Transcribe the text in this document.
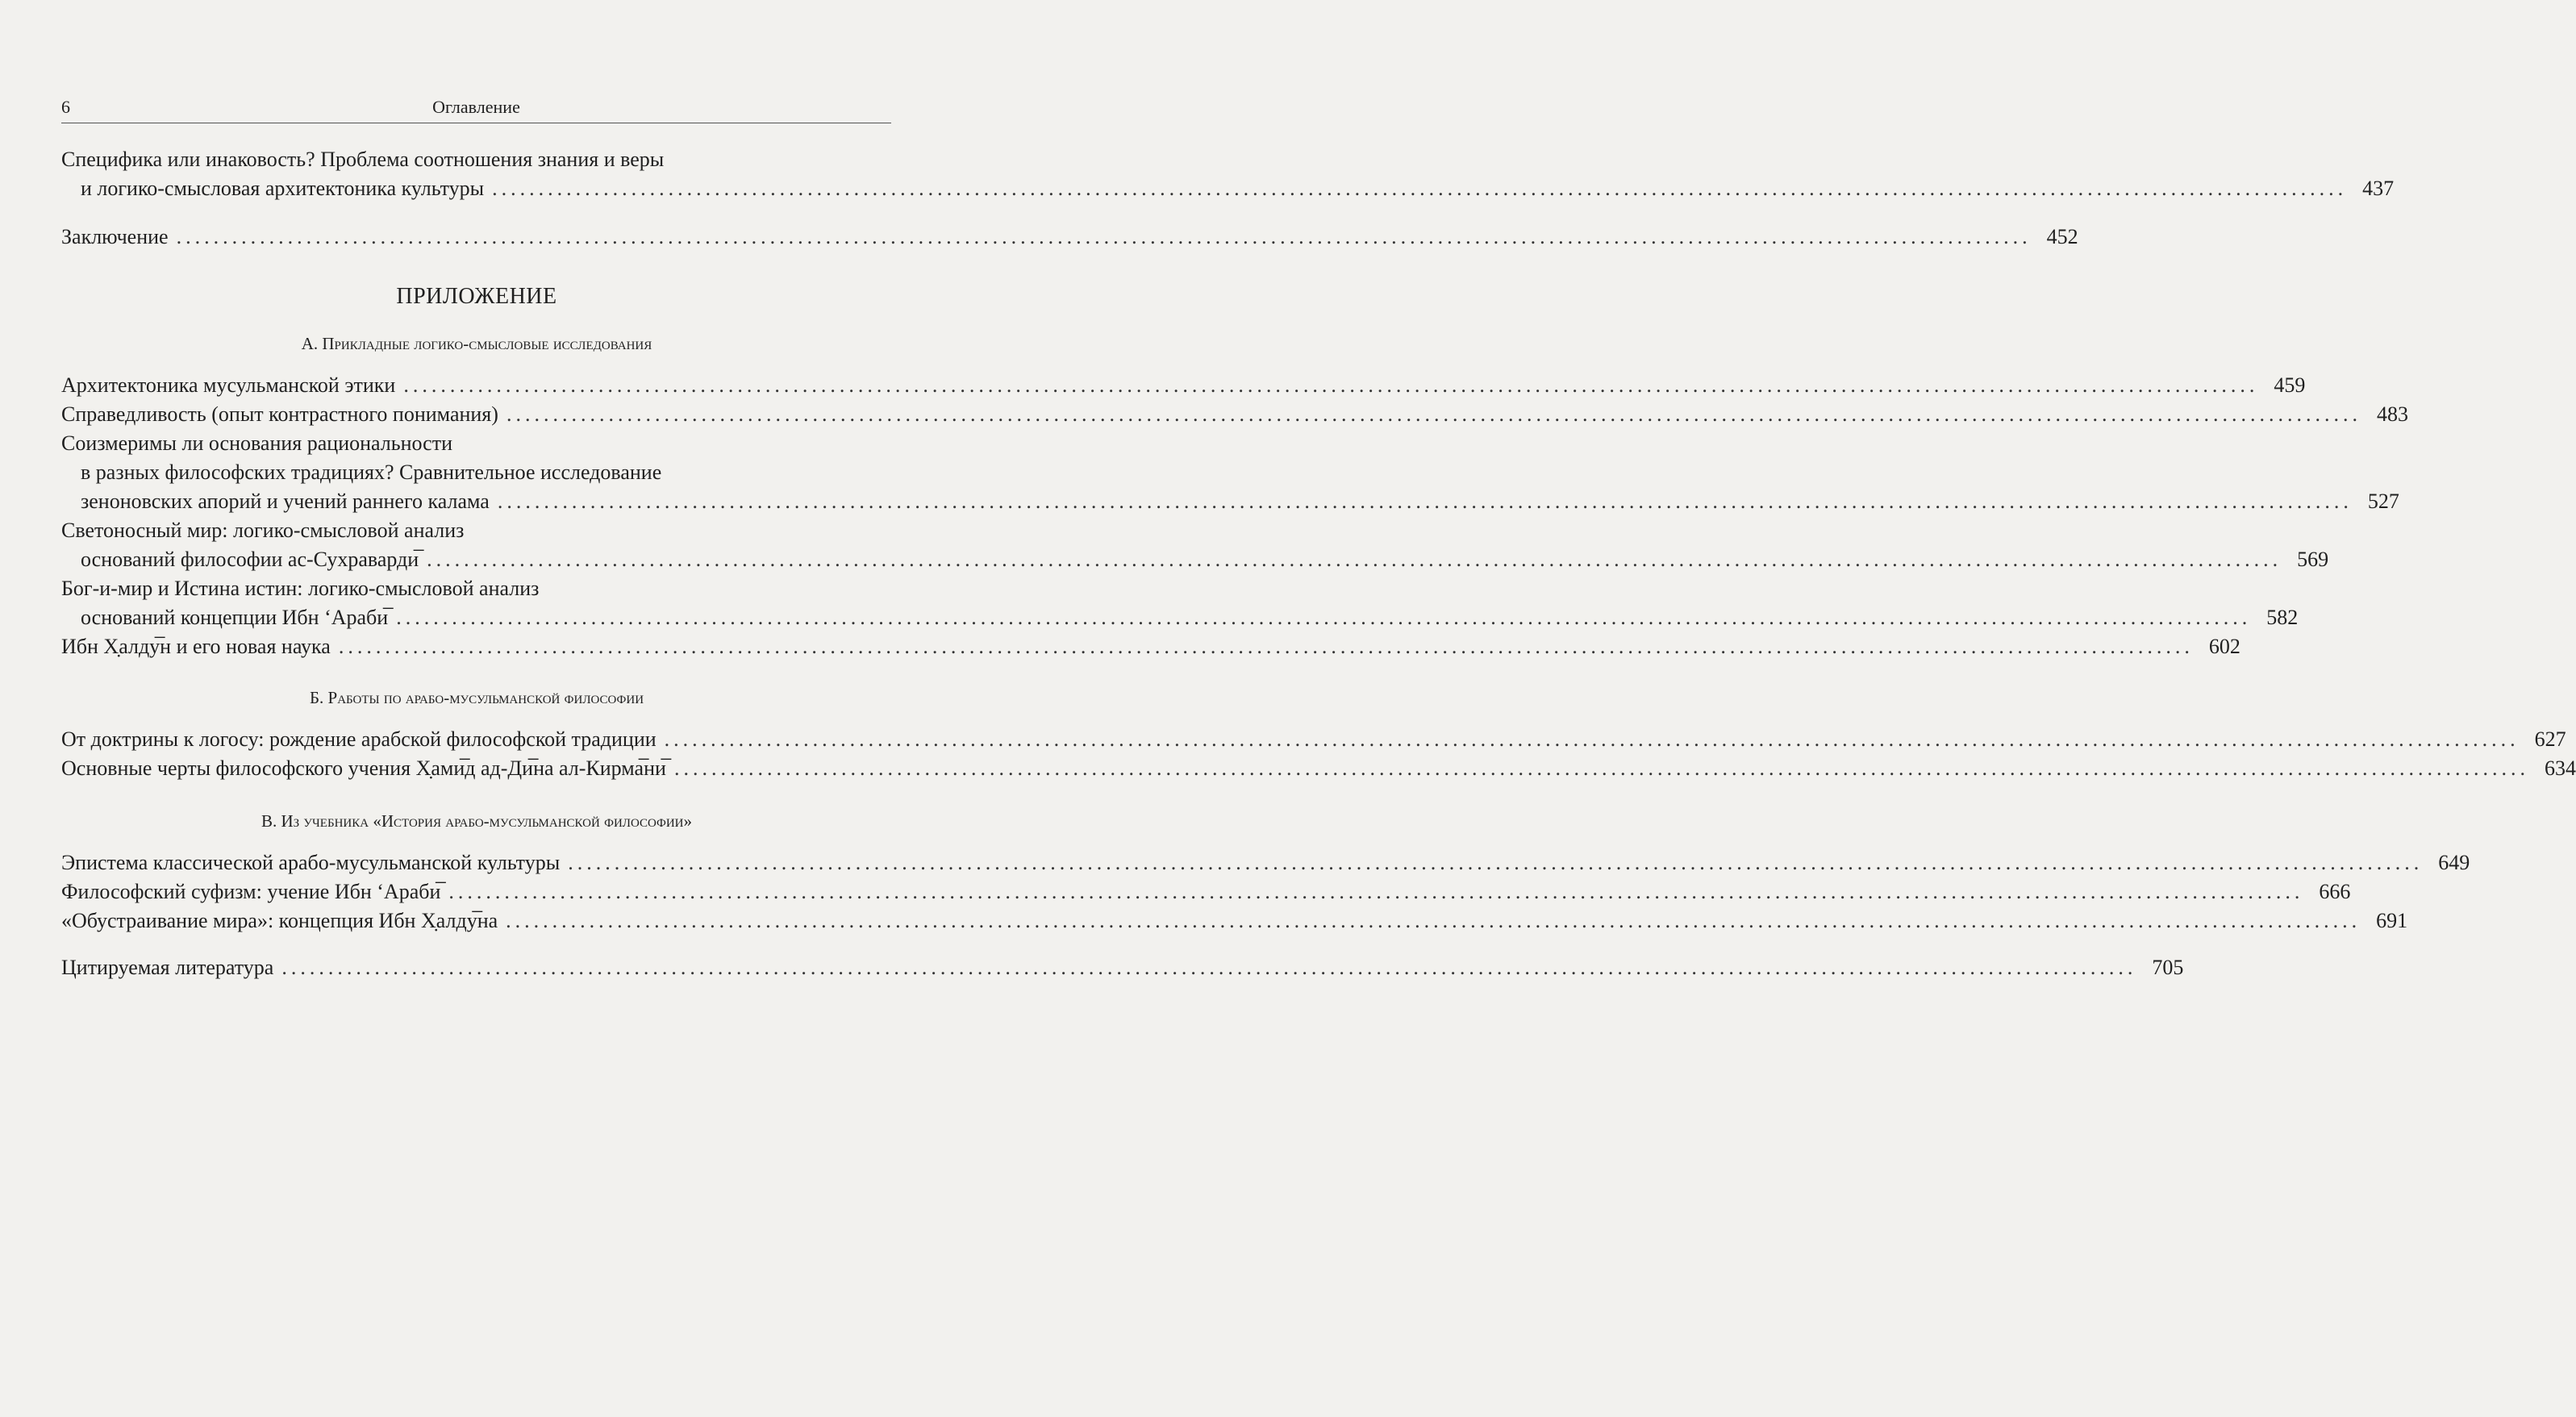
6	Оглавление
Специфика или инаковость? Проблема соотношения знания и веры
и логико-смысловая архитектоника культуры ........................................................................................................................................................................................................ 437
Заключение ........................................................................................................................................................................................................ 452
ПРИЛОЖЕНИЕ
А. Прикладные логико-смысловые исследования
Архитектоника мусульманской этики ........................................................................................................................................................................................................ 459
Справедливость (опыт контрастного понимания) ........................................................................................................................................................................................................ 483
Соизмеримы ли основания рациональности
в разных философских традициях? Сравнительное исследование
зеноновских апорий и учений раннего калама ........................................................................................................................................................................................................ 527
Светоносный мир: логико-смысловой анализ
оснований философии ас-Сухраварди̅ ........................................................................................................................................................................................................ 569
Бог-и-мир и Истина истин: логико-смысловой анализ
оснований концепции Ибн ʻАраби̅ ........................................................................................................................................................................................................ 582
Ибн Х̣алду̅н и его новая наука ........................................................................................................................................................................................................ 602
Б. Работы по арабо-мусульманской философии
От доктрины к логосу: рождение арабской философской традиции ........................................................................................................................................................................................................ 627
Основные черты философского учения Х̣ами̅д ад-Ди̅на ал-Кирма̅ни̅ ........................................................................................................................................................................................................ 634
В. Из учебника «История арабо-мусульманской философии»
Эпистема классической арабо-мусульманской культуры ........................................................................................................................................................................................................ 649
Философский суфизм: учение Ибн ʻАраби̅ ........................................................................................................................................................................................................ 666
«Обустраивание мира»: концепция Ибн Х̣алду̅на ........................................................................................................................................................................................................ 691
Цитируемая литература ........................................................................................................................................................................................................ 705
